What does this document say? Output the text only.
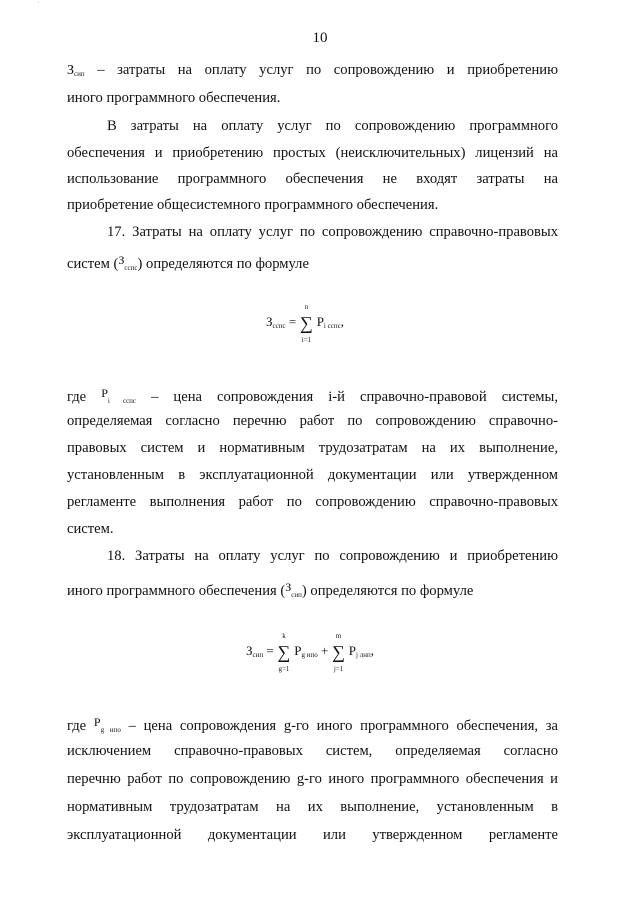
ˈ
10
$З_{сип}$ – затраты на оплату услуг по сопровождению и приобретению
иного программного обеспечения.
В затраты на оплату услуг по сопровождению программного
обеспечения и приобретению простых (неисключительных) лицензий на
использование программного обеспечения не входят затраты на
приобретение общесистемного программного обеспечения.
17. Затраты на оплату услуг по сопровождению справочно-правовых
систем ($^З_{сспс}$) определяются по формуле
$З_{сспс}$ =
n
∑
i=1
$P_{i сспс}$,
где $^P_{i сспс}$ – цена сопровождения i-й справочно-правовой системы,
определяемая согласно перечню работ по сопровождению справочно-
правовых систем и нормативным трудозатратам на их выполнение,
установленным в эксплуатационной документации или утвержденном
регламенте выполнения работ по сопровождению справочно-правовых
систем.
18. Затраты на оплату услуг по сопровождению и приобретению
иного программного обеспечения ($^З_{сип}$) определяются по формуле
$З_{сип}$ =
k
∑
g=1
$P_{g ипо}$ +
m
∑
j=1
$P_{j лнп}$,
где $^P_{g ипо}$ – цена сопровождения g-го иного программного обеспечения, за
исключением справочно-правовых систем, определяемая согласно
перечню работ по сопровождению g-го иного программного обеспечения и
нормативным трудозатратам на их выполнение, установленным в
эксплуатационной документации или утвержденном регламенте
